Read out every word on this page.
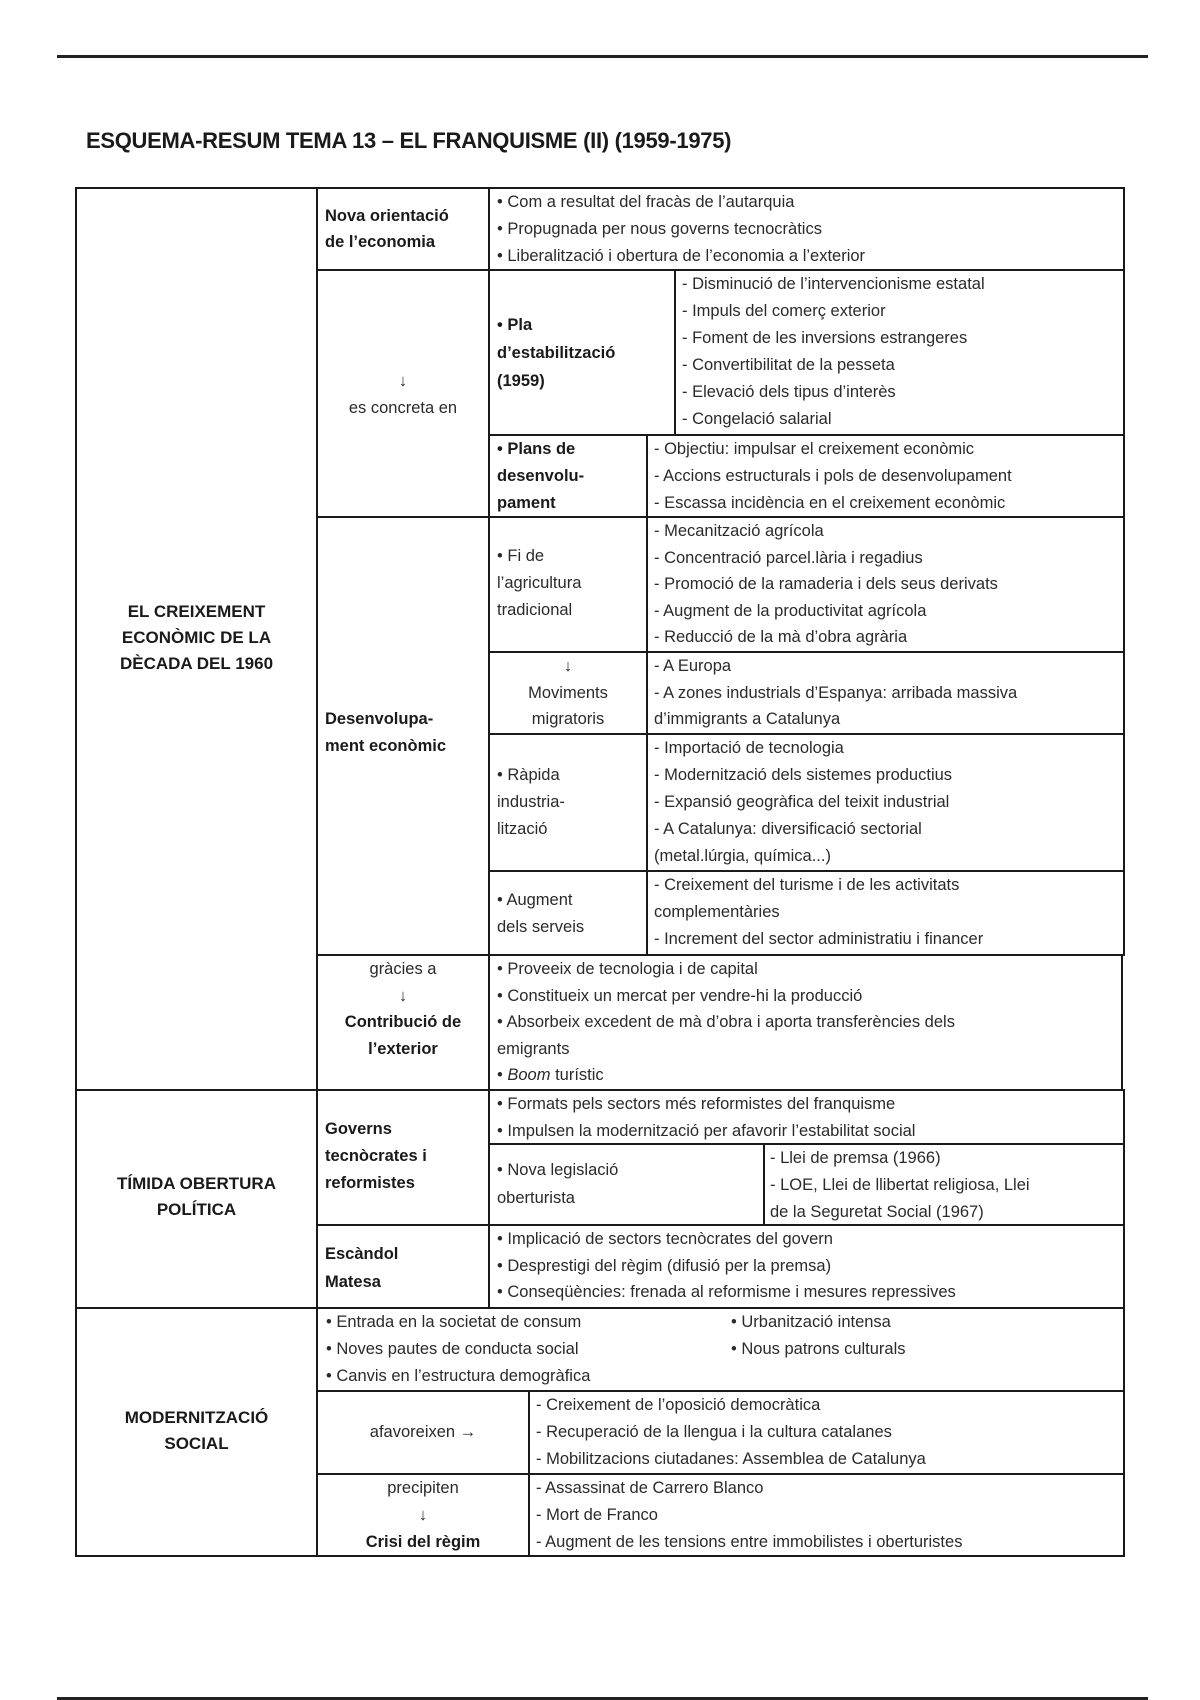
ESQUEMA-RESUM TEMA 13 – EL FRANQUISME (II) (1959-1975)
EL CREIXEMENT
ECONÒMIC DE LA
DÈCADA DEL 1960
Nova orientació
de l’economia
• Com a resultat del fracàs de l’autarquia
• Propugnada per nous governs tecnocràtics
• Liberalització i obertura de l’economia a l’exterior
↓
es concreta en
• Pla
d’estabilització
(1959)
- Disminució de l’intervencionisme estatal
- Impuls del comerç exterior
- Foment de les inversions estrangeres
- Convertibilitat de la pesseta
- Elevació dels tipus d’interès
- Congelació salarial
• Plans de
desenvolu-
pament
- Objectiu: impulsar el creixement econòmic
- Accions estructurals i pols de desenvolupament
- Escassa incidència en el creixement econòmic
Desenvolupa-
ment econòmic
• Fi de
l’agricultura
tradicional
- Mecanització agrícola
- Concentració parcel.lària i regadius
- Promoció de la ramaderia i dels seus derivats
- Augment de la productivitat agrícola
- Reducció de la mà d’obra agrària
↓
Moviments
migratoris
- A Europa
- A zones industrials d’Espanya: arribada massiva
d’immigrants a Catalunya
• Ràpida
industria-
lització
- Importació de tecnologia
- Modernització dels sistemes productius
- Expansió geogràfica del teixit industrial
- A Catalunya: diversificació sectorial
(metal.lúrgia, química...)
• Augment
dels serveis
- Creixement del turisme i de les activitats
complementàries
- Increment del sector administratiu i financer
gràcies a
↓
Contribució de
l’exterior
• Proveeix de tecnologia i de capital
• Constitueix un mercat per vendre-hi la producció
• Absorbeix excedent de mà d’obra i aporta transferències dels
emigrants
• Boom turístic
TÍMIDA OBERTURA
POLÍTICA
Governs
tecnòcrates i
reformistes
• Formats pels sectors més reformistes del franquisme
• Impulsen la modernització per afavorir l’estabilitat social
• Nova legislació
oberturista
- Llei de premsa (1966)
- LOE, Llei de llibertat religiosa, Llei
de la Seguretat Social (1967)
Escàndol
Matesa
• Implicació de sectors tecnòcrates del govern
• Desprestigi del règim (difusió per la premsa)
• Conseqüències: frenada al reformisme i mesures repressives
MODERNITZACIÓ
SOCIAL
• Entrada en la societat de consum
• Noves pautes de conducta social
• Canvis en l’estructura demogràfica
• Urbanització intensa
• Nous patrons culturals
afavoreixen →
- Creixement de l’oposició democràtica
- Recuperació de la llengua i la cultura catalanes
- Mobilitzacions ciutadanes: Assemblea de Catalunya
precipiten
↓
Crisi del règim
- Assassinat de Carrero Blanco
- Mort de Franco
- Augment de les tensions entre immobilistes i oberturistes
